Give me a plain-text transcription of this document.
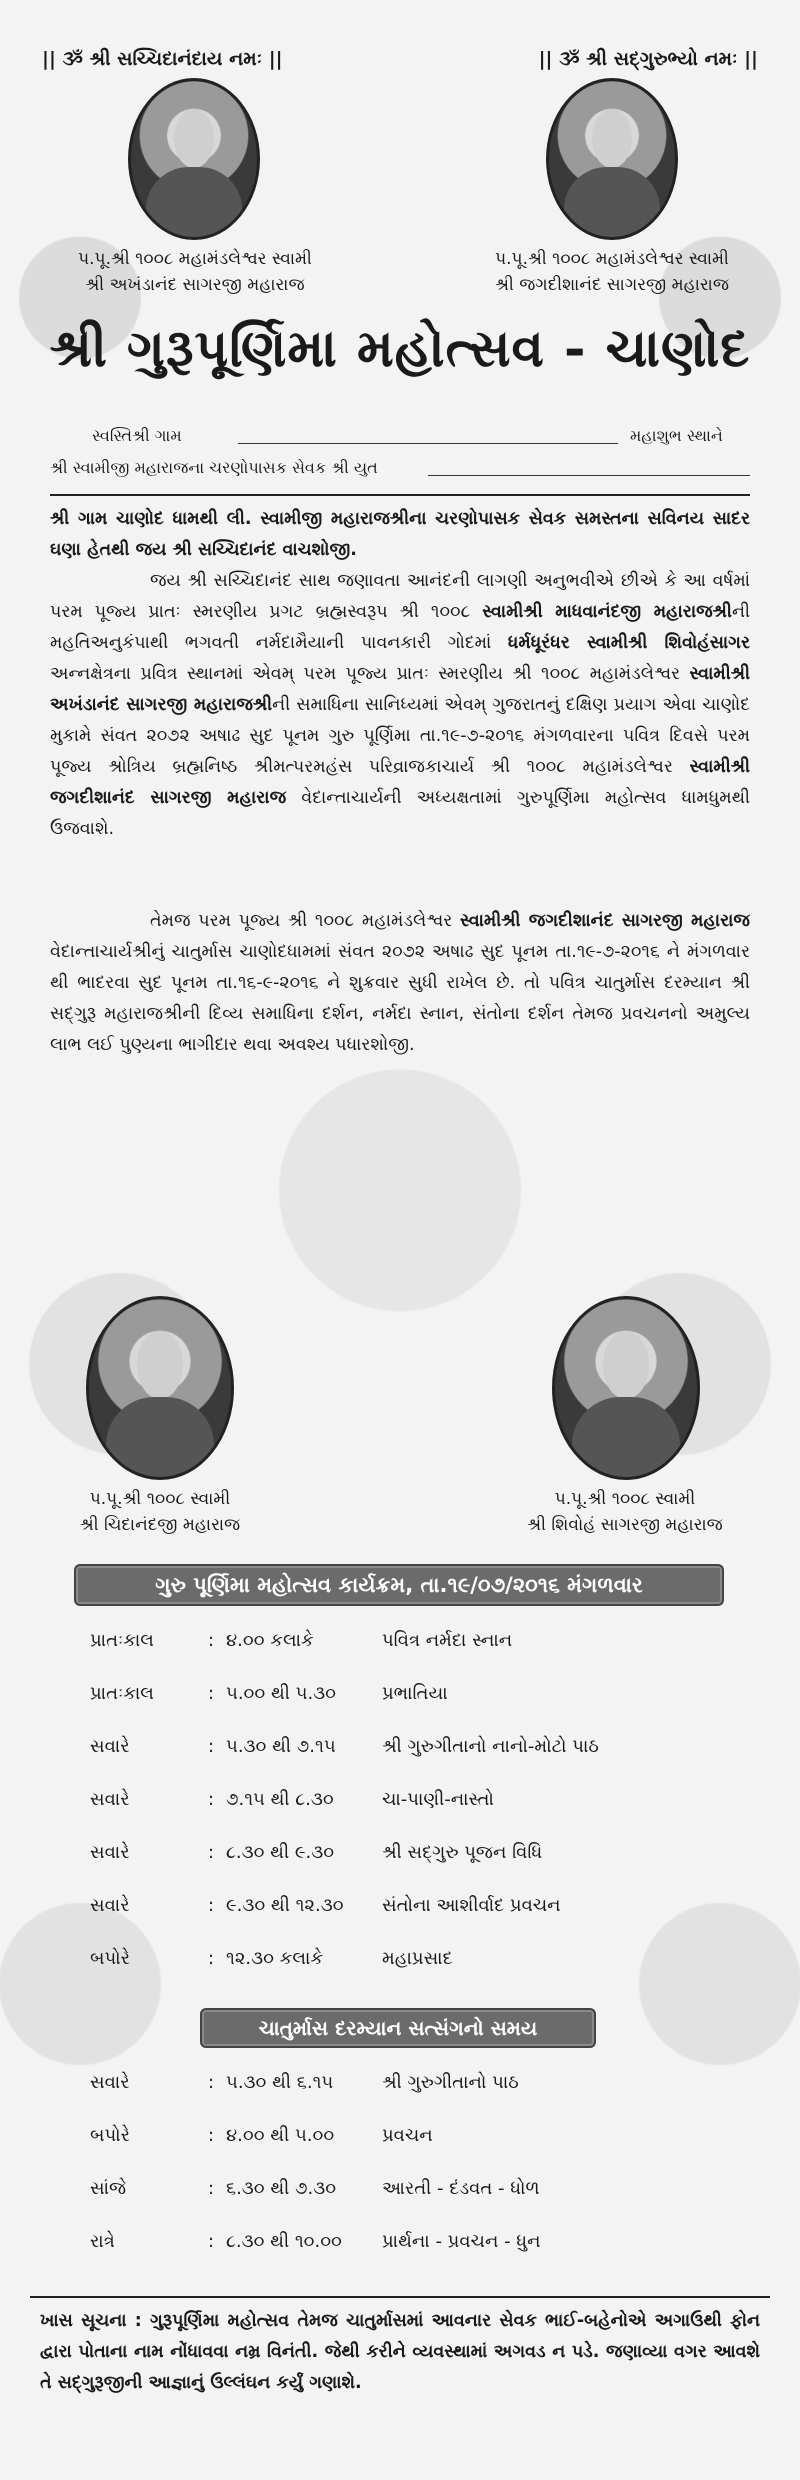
|| ૐ શ્રી સચ્ચિદાનંદાય નમઃ ||	|| ૐ શ્રી સદ્ગુરુભ્યો નમઃ ||
પ.પૂ.શ્રી ૧૦૦૮ મહામંડલેશ્વર સ્વામી
શ્રી અખંડાનંદ સાગરજી મહારાજ
પ.પૂ.શ્રી ૧૦૦૮ મહામંડલેશ્વર સ્વામી
શ્રી જગદીશાનંદ સાગરજી મહારાજ
શ્રી ગુરૂપૂર્ણિમા મહોત્સવ - ચાણોદ
સ્વસ્તિશ્રી ગામ	મહાશુભ સ્થાને
શ્રી સ્વામીજી મહારાજના ચરણોપાસક સેવક શ્રી યુત
શ્રી ગામ ચાણોદ ધામથી લી. સ્વામીજી મહારાજશ્રીના ચરણોપાસક સેવક સમસ્તના સવિનય સાદર ઘણા હેતથી જય શ્રી સચ્ચિદાનંદ વાચશોજી.
જય શ્રી સચ્ચિદાનંદ સાથ જણાવતા આનંદની લાગણી અનુભવીએ છીએ કે આ વર્ષમાં પરમ પૂજ્ય પ્રાતઃ સ્મરણીય પ્રગટ બ્રહ્મસ્વરૂપ શ્રી ૧૦૦૮ સ્વામીશ્રી માધવાનંદજી મહારાજશ્રીની મહતિઅનુકંપાથી ભગવતી નર્મદામૈયાની પાવનકારી ગોદમાં ધર્મધૂરંધર સ્વામીશ્રી શિવોહંસાગર અન્નક્ષેત્રના પ્રવિત્ર સ્થાનમાં એવમ્ પરમ પૂજ્ય પ્રાતઃ સ્મરણીય શ્રી ૧૦૦૮ મહામંડલેશ્વર સ્વામીશ્રી અખંડાનંદ સાગરજી મહારાજશ્રીની સમાધિના સાનિધ્યમાં એવમ્ ગુજરાતનું દક્ષિણ પ્રયાગ એવા ચાણોદ મુકામે સંવત ૨૦૭૨ અષાઢ સુદ પૂનમ ગુરુ પૂર્ણિમા તા.૧૯-૭-૨૦૧૬ મંગળવારના પવિત્ર દિવસે પરમ પૂજ્ય શ્રોત્રિય બ્રહ્મનિષ્ઠ શ્રીમત્પરમહંસ પરિવ્રાજકાચાર્ય શ્રી ૧૦૦૮ મહામંડલેશ્વર સ્વામીશ્રી જગદીશાનંદ સાગરજી મહારાજ વેદાન્તાચાર્યની અધ્યક્ષતામાં ગુરુપૂર્ણિમા મહોત્સવ ધામધુમથી ઉજવાશે.
તેમજ પરમ પૂજ્ય શ્રી ૧૦૦૮ મહામંડલેશ્વર સ્વામીશ્રી જગદીશાનંદ સાગરજી મહારાજ વેદાન્તાચાર્યશ્રીનું ચાતુર્માસ ચાણોદધામમાં સંવત ૨૦૭૨ અષાઢ સુદ પૂનમ તા.૧૯-૭-૨૦૧૬ ને મંગળવાર થી ભાદરવા સુદ પૂનમ તા.૧૬-૯-૨૦૧૬ ને શુક્રવાર સુધી રાખેલ છે. તો પવિત્ર ચાતુર્માસ દરમ્યાન શ્રી સદ્ગુરૂ મહારાજશ્રીની દિવ્ય સમાધિના દર્શન, નર્મદા સ્નાન, સંતોના દર્શન તેમજ પ્રવચનનો અમુલ્ય લાભ લઈ પુણ્યના ભાગીદાર થવા અવશ્ય પધારશોજી.
પ.પૂ.શ્રી ૧૦૦૮ સ્વામી
શ્રી ચિદાનંદજી મહારાજ
પ.પૂ.શ્રી ૧૦૦૮ સ્વામી
શ્રી શિવોહં સાગરજી મહારાજ
ગુરુ પૂર્ણિમા મહોત્સવ કાર્યક્રમ, તા.૧૯/૦૭/૨૦૧૬ મંગળવાર
પ્રાતઃકાલ	: ૪.૦૦ કલાકે	પવિત્ર નર્મદા સ્નાન
પ્રાતઃકાલ	: ૫.૦૦ થી ૫.૩૦	પ્રભાતિયા
સવારે	: ૫.૩૦ થી ૭.૧૫	શ્રી ગુરુગીતાનો નાનો-મોટો પાઠ
સવારે	: ૭.૧૫ થી ૮.૩૦	ચા-પાણી-નાસ્તો
સવારે	: ૮.૩૦ થી ૯.૩૦	શ્રી સદ્ગુરુ પૂજન વિધિ
સવારે	: ૯.૩૦ થી ૧૨.૩૦ સંતોના આશીર્વાદ પ્રવચન
બપોરે	: ૧૨.૩૦ કલાકે	મહાપ્રસાદ
ચાતુર્માસ દરમ્યાન સત્સંગનો સમય
સવારે	: ૫.૩૦ થી ૬.૧૫	શ્રી ગુરુગીતાનો પાઠ
બપોરે	: ૪.૦૦ થી ૫.૦૦	પ્રવચન
સાંજે	: ૬.૩૦ થી ૭.૩૦	આરતી - દંડવત - ધોળ
રાત્રે	: ૮.૩૦ થી ૧૦.૦૦ પ્રાર્થના - પ્રવચન - ધુન
ખાસ સૂચના : ગુરૂપૂર્ણિમા મહોત્સવ તેમજ ચાતુર્માસમાં આવનાર સેવક ભાઈ-બહેનોએ અગાઉથી ફોન દ્વારા પોતાના નામ નોંધાવવા નમ્ર વિનંતી. જેથી કરીને વ્યવસ્થામાં અગવડ ન પડે. જણાવ્યા વગર આવશે તે સદ્ગુરૂજીની આજ્ઞાનું ઉલ્લંઘન કર્યું ગણાશે.
